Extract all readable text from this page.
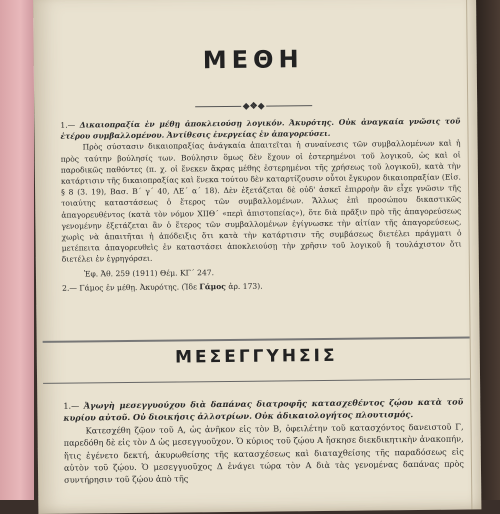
ΜΕΘΗ
◆❖◆

1.— Δικαιοπραξία ἐν μέθῃ ἀποκλειούσῃ λογικόν. Ἀκυρότης. Οὐκ ἀναγκαία γνῶσις τοῦ ἑτέρου συμβαλλομένου. Ἀντίθεσις ἐνεργείας ἐν ἀπαγορεύσει.

Πρὸς σύστασιν δικαιοπραξίας ἀνάγκαία ἀπαιτεῖται ἡ συναίνεσις τῶν συμβαλλομένων καὶ ἡ πρὸς ταύτην βούλησίς των. Βούλησιν ὅμως δὲν ἔχουν οἱ ἐστερημένοι τοῦ λογικοῦ, ὡς καὶ οἱ παροδικῶς παθόντες (π. χ. οἱ ἕνεκεν ἄκρας μέθης ἐστερημένοι τῆς χρήσεως τοῦ λογικοῦ), κατὰ τὴν κατάρτισιν τῆς δικαιοπραξίας καὶ ἕνεκα τούτου δὲν καταρτίζουσιν οὗτοι ἔγκυρον δικαιοπραξίαν (Εἰσ. § 8 (3. 19), Βασ. Β΄ γ΄ 40, ΛΕ΄ α΄ 18). Δὲν ἐξετάζεται δὲ οὐδ' ἀσκεῖ ἐπιρροὴν ἂν εἶχε γνῶσιν τῆς τοιαύτης καταστάσεως ὁ ἕτερος τῶν συμβαλλομένων. Ἄλλως ἐπὶ προσώπου δικαστικῶς ἀπαγορευθέντος (κατὰ τὸν νόμον ΧΙΙΘ΄ «περὶ ἀπιστοπείας»), ὅτε διὰ πρᾶξιν πρὸ τῆς ἀπαγορεύσεως γενομένην ἐξετάζεται ἂν ὁ ἕτερος τῶν συμβαλλομένων ἐγίγνωσκε τὴν αἰτίαν τῆς ἀπαγορεύσεως, χωρὶς νὰ ἀπαιτῆται ἡ ἀπόδειξις ὅτι κατὰ τὴν κατάρτισιν τῆς συμβάσεως διετέλει πράγματι ὁ μετέπειτα ἀπαγορευθεὶς ἐν καταστάσει ἀποκλειούσῃ τὴν χρῆσιν τοῦ λογικοῦ ἢ τουλάχιστον ὅτι διετέλει ἐν ἐγρηγόρσει.

Ἐφ. Ἀθ. 259 (1911) Θέμ. ΚΓ΄ 247.

2.— Γάμος ἐν μέθῃ. Ἀκυρότης. (Ἰδε Γάμος ἀρ. 173).

ΜΕΣΕΓΓΥΗΣΙΣ

1.— Ἀγωγὴ μεσεγγυούχου διὰ δαπάνας διατροφῆς κατασχεθέντος ζῴου κατὰ τοῦ κυρίου αὐτοῦ. Οὐ διοικήσις ἀλλοτρίων. Οὐκ ἀδικαιολογήτος πλουτισμός.

Κατεσχέθη ζῷον τοῦ Α, ὡς ἀνῆκον εἰς τὸν Β, ὀφειλέτην τοῦ κατασχόντος δανειστοῦ Γ, παρεδόθη δὲ εἰς τὸν Δ ὡς μεσεγγυοῦχον. Ὁ κύριος τοῦ ζῴου Α ἤσκησε διεκδικητικὴν ἀνακοπήν, ἥτις ἐγένετο δεκτή, ἀκυρωθείσης τῆς κατασχέσεως καὶ διαταχθείσης τῆς παραδόσεως εἰς αὐτὸν τοῦ ζῴου. Ὁ μεσεγγυοῦχος Δ ἐνάγει τώρα τὸν Α διὰ τὰς γενομένας δαπάνας πρὸς συντήρησιν τοῦ ζῴου ἀπὸ τῆς
